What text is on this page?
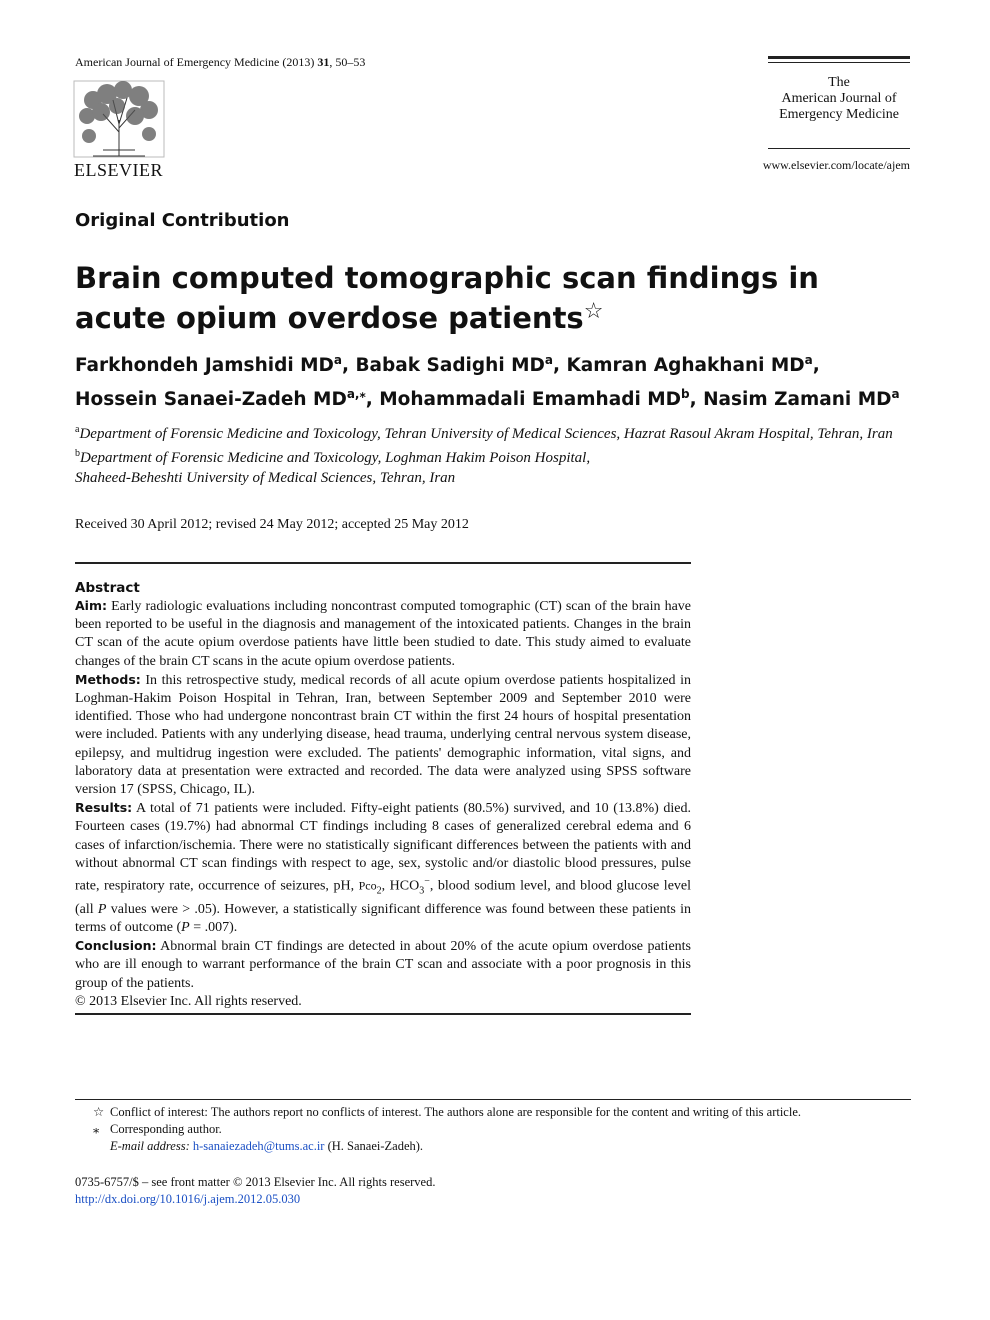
American Journal of Emergency Medicine (2013) 31, 50–53
ELSEVIER
The
American Journal of
Emergency Medicine
www.elsevier.com/locate/ajem
Original Contribution
Brain computed tomographic scan findings in acute opium overdose patients☆
Farkhondeh Jamshidi $MD^a$, Babak Sadighi $MD^a$, Kamran Aghakhani $MD^a$,
Hossein Sanaei-Zadeh $MD^{a,⁎}$, Mohammadali Emamhadi $MD^b$, Nasim Zamani $MD^a$
$^a$Department of Forensic Medicine and Toxicology, Tehran University of Medical Sciences, Hazrat Rasoul Akram Hospital, Tehran, Iran
$^b$Department of Forensic Medicine and Toxicology, Loghman Hakim Poison Hospital,
Shaheed-Beheshti University of Medical Sciences, Tehran, Iran
Received 30 April 2012; revised 24 May 2012; accepted 25 May 2012
Abstract

Aim: Early radiologic evaluations including noncontrast computed tomographic (CT) scan of the brain have been reported to be useful in the diagnosis and management of the intoxicated patients. Changes in the brain CT scan of the acute opium overdose patients have little been studied to date. This study aimed to evaluate changes of the brain CT scans in the acute opium overdose patients.

Methods: In this retrospective study, medical records of all acute opium overdose patients hospitalized in Loghman-Hakim Poison Hospital in Tehran, Iran, between September 2009 and September 2010 were identified. Those who had undergone noncontrast brain CT within the first 24 hours of hospital presentation were included. Patients with any underlying disease, head trauma, underlying central nervous system disease, epilepsy, and multidrug ingestion were excluded. The patients' demographic information, vital signs, and laboratory data at presentation were extracted and recorded. The data were analyzed using SPSS software version 17 (SPSS, Chicago, IL).

Results: A total of 71 patients were included. Fifty-eight patients (80.5%) survived, and 10 (13.8%) died. Fourteen cases (19.7%) had abnormal CT findings including 8 cases of generalized cerebral edema and 6 cases of infarction/ischemia. There were no statistically significant differences between the patients with and without abnormal CT scan findings with respect to age, sex, systolic and/or diastolic blood pressures, pulse rate, respiratory rate, occurrence of seizures, pH, Pco$_2$, $HCO_3^-$, blood sodium level, and blood glucose level (all P values were > .05). However, a statistically significant difference was found between these patients in terms of outcome (P = .007).

Conclusion: Abnormal brain CT findings are detected in about 20% of the acute opium overdose patients who are ill enough to warrant performance of the brain CT scan and associate with a poor prognosis in this group of the patients.

© 2013 Elsevier Inc. All rights reserved.

☆ Conflict of interest: The authors report no conflicts of interest. The authors alone are responsible for the content and writing of this article.
⁎ Corresponding author.
E-mail address: h-sanaiezadeh@tums.ac.ir (H. Sanaei-Zadeh).
0735-6757/$ – see front matter © 2013 Elsevier Inc. All rights reserved.
http://dx.doi.org/10.1016/j.ajem.2012.05.030
